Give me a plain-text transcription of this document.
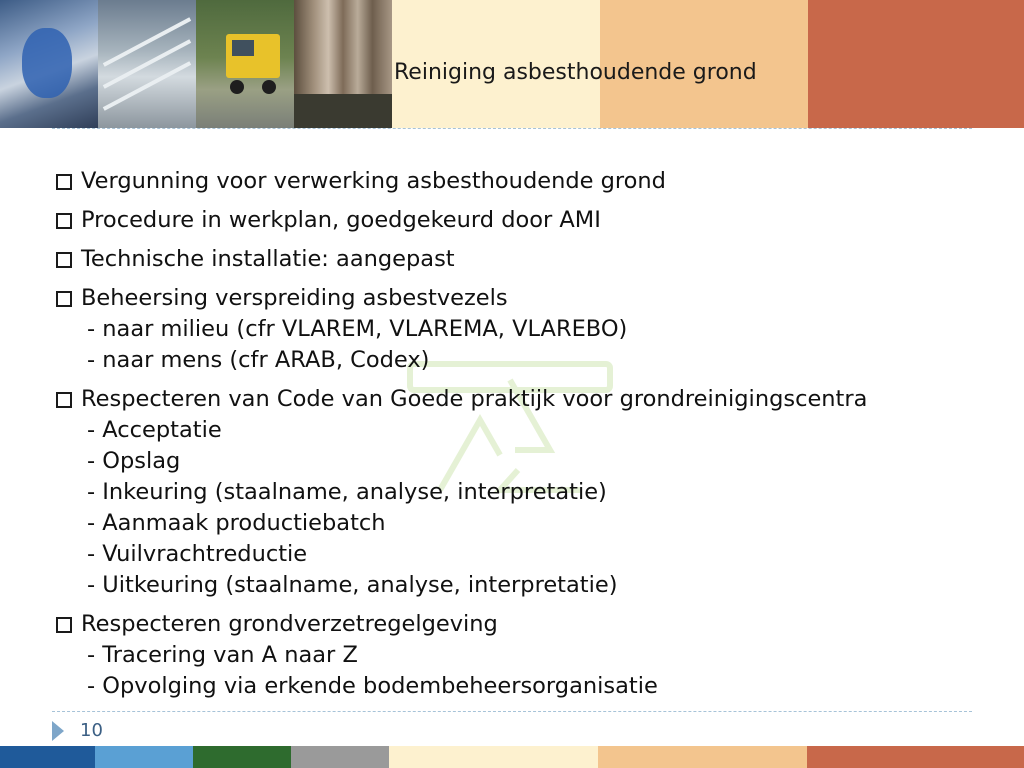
Reiniging asbesthoudende grond
Vergunning voor verwerking asbesthoudende grond
Procedure in werkplan, goedgekeurd door AMI
Technische installatie: aangepast
Beheersing verspreiding asbestvezels
- naar milieu (cfr VLAREM, VLAREMA, VLAREBO)
- naar mens (cfr ARAB, Codex)
Respecteren van Code van Goede praktijk voor grondreinigingscentra
- Acceptatie
- Opslag
- Inkeuring (staalname, analyse, interpretatie)
- Aanmaak productiebatch
- Vuilvrachtreductie
- Uitkeuring (staalname, analyse, interpretatie)
Respecteren grondverzetregelgeving
- Tracering van A naar Z
- Opvolging via erkende bodembeheersorganisatie
10
